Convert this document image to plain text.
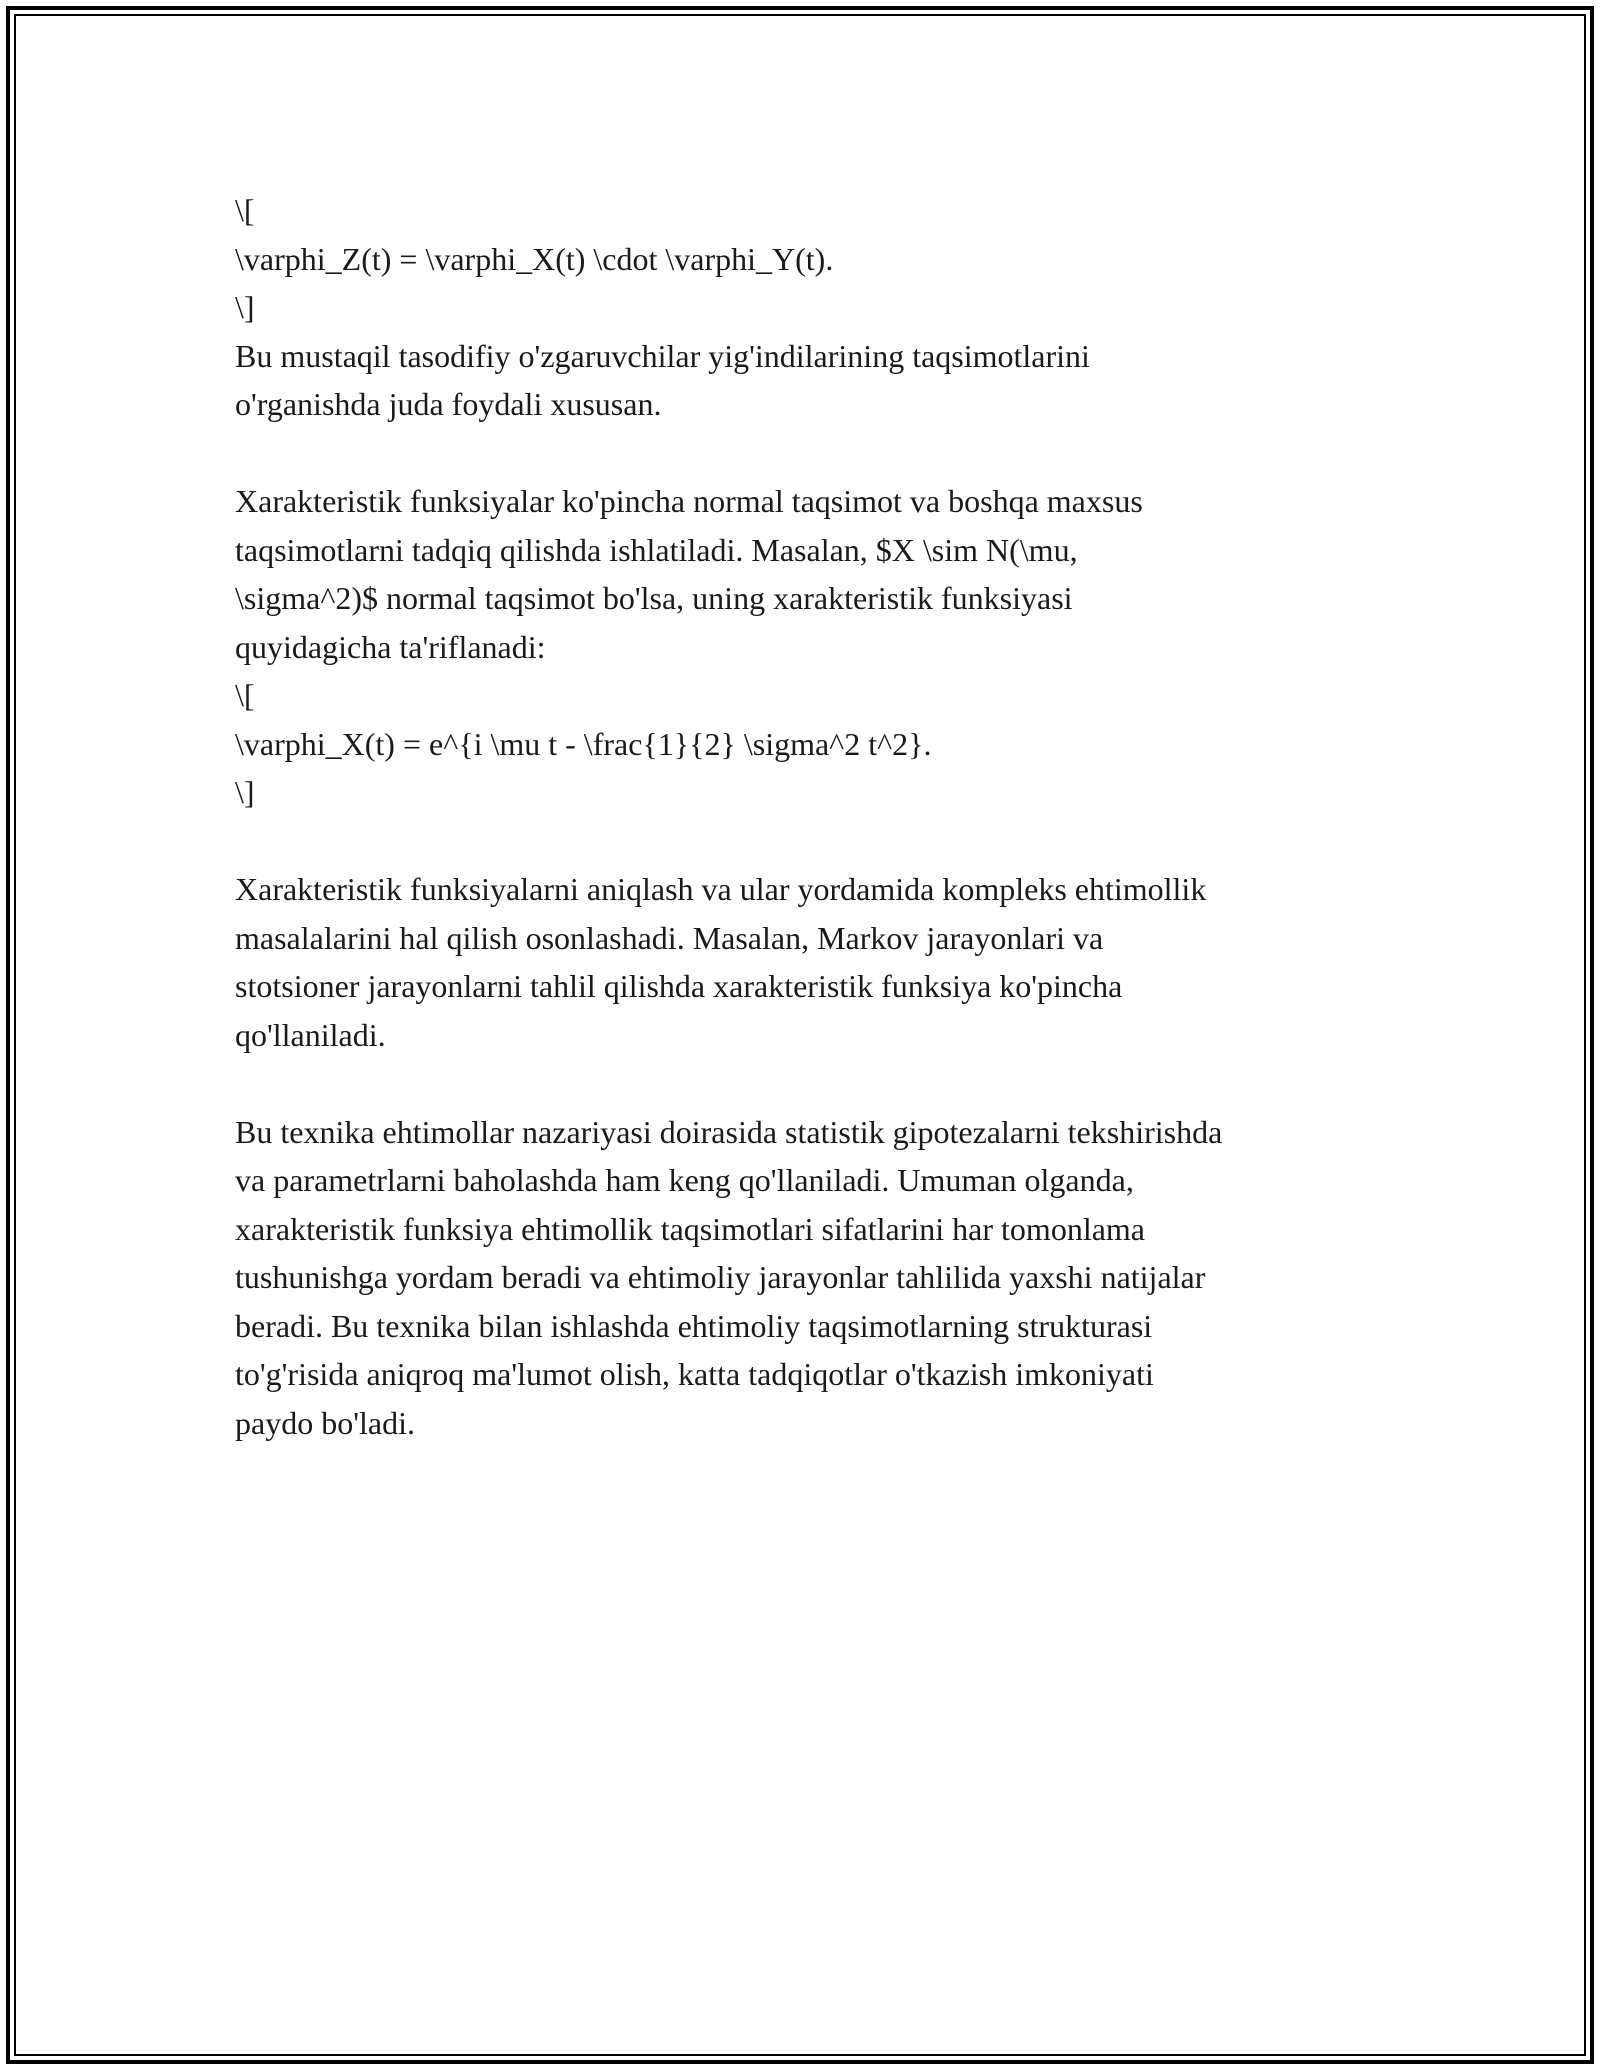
\[
\varphi_Z(t) = \varphi_X(t) \cdot \varphi_Y(t).
\]
Bu mustaqil tasodifiy o'zgaruvchilar yig'indilarining taqsimotlarini
o'rganishda juda foydali xususan.
Xarakteristik funksiyalar ko'pincha normal taqsimot va boshqa maxsus
taqsimotlarni tadqiq qilishda ishlatiladi. Masalan, $X \sim N(\mu,
\sigma^2)$ normal taqsimot bo'lsa, uning xarakteristik funksiyasi
quyidagicha ta'riflanadi:
\[
\varphi_X(t) = e^{i \mu t - \frac{1}{2} \sigma^2 t^2}.
\]
Xarakteristik funksiyalarni aniqlash va ular yordamida kompleks ehtimollik
masalalarini hal qilish osonlashadi. Masalan, Markov jarayonlari va
stotsioner jarayonlarni tahlil qilishda xarakteristik funksiya ko'pincha
qo'llaniladi.
Bu texnika ehtimollar nazariyasi doirasida statistik gipotezalarni tekshirishda
va parametrlarni baholashda ham keng qo'llaniladi. Umuman olganda,
xarakteristik funksiya ehtimollik taqsimotlari sifatlarini har tomonlama
tushunishga yordam beradi va ehtimoliy jarayonlar tahlilida yaxshi natijalar
beradi. Bu texnika bilan ishlashda ehtimoliy taqsimotlarning strukturasi
to'g'risida aniqroq ma'lumot olish, katta tadqiqotlar o'tkazish imkoniyati
paydo bo'ladi.
